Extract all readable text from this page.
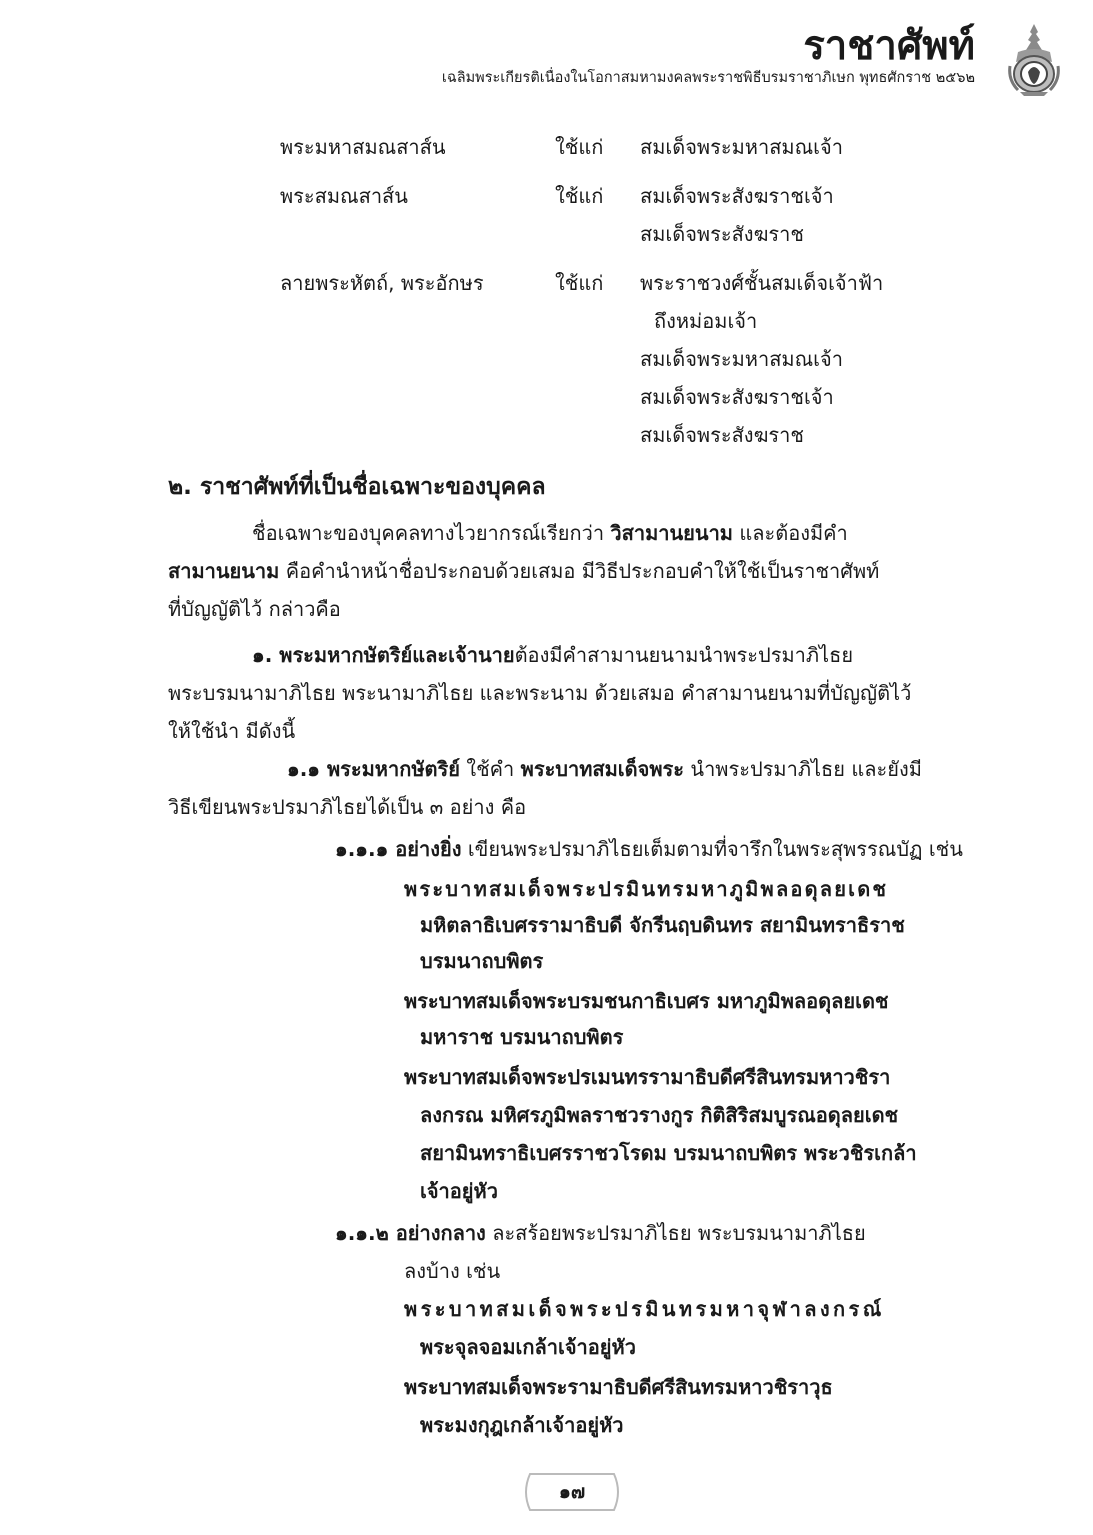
ราชาศัพท์
เฉลิมพระเกียรติเนื่องในโอกาสมหามงคลพระราชพิธีบรมราชาภิเษก พุทธศักราช ๒๕๖๒
พระมหาสมณสาส์น	ใช้แก่ สมเด็จพระมหาสมณเจ้า
พระสมณสาส์น	ใช้แก่ สมเด็จพระสังฆราชเจ้า
สมเด็จพระสังฆราช
ลายพระหัตถ์, พระอักษร	ใช้แก่ พระราชวงศ์ชั้นสมเด็จเจ้าฟ้า
ถึงหม่อมเจ้า
สมเด็จพระมหาสมณเจ้า
สมเด็จพระสังฆราชเจ้า
สมเด็จพระสังฆราช
๒. ราชาศัพท์ที่เป็นชื่อเฉพาะของบุคคล
ชื่อเฉพาะของบุคคลทางไวยากรณ์เรียกว่า วิสามานยนาม และต้องมีคำ
สามานยนาม คือคำนำหน้าชื่อประกอบด้วยเสมอ มีวิธีประกอบคำให้ใช้เป็นราชาศัพท์
ที่บัญญัติไว้ กล่าวคือ
๑. พระมหากษัตริย์และเจ้านายต้องมีคำสามานยนามนำพระปรมาภิไธย
พระบรมนามาภิไธย พระนามาภิไธย และพระนาม ด้วยเสมอ คำสามานยนามที่บัญญัติไว้
ให้ใช้นำ มีดังนี้
๑.๑ พระมหากษัตริย์ ใช้คำ พระบาทสมเด็จพระ นำพระปรมาภิไธย และยังมี
วิธีเขียนพระปรมาภิไธยได้เป็น ๓ อย่าง คือ
๑.๑.๑ อย่างยิ่ง เขียนพระปรมาภิไธยเต็มตามที่จารึกในพระสุพรรณบัฏ เช่น
พระบาทสมเด็จพระปรมินทรมหาภูมิพลอดุลยเดช
มหิตลาธิเบศรรามาธิบดี จักรีนฤบดินทร สยามินทราธิราช
บรมนาถบพิตร
พระบาทสมเด็จพระบรมชนกาธิเบศร มหาภูมิพลอดุลยเดช
มหาราช บรมนาถบพิตร
พระบาทสมเด็จพระปรเมนทรรามาธิบดีศรีสินทรมหาวชิรา
ลงกรณ มหิศรภูมิพลราชวรางกูร กิติสิริสมบูรณอดุลยเดช
สยามินทราธิเบศรราชวโรดม บรมนาถบพิตร พระวชิรเกล้า
เจ้าอยู่หัว
๑.๑.๒ อย่างกลาง ละสร้อยพระปรมาภิไธย พระบรมนามาภิไธย
ลงบ้าง เช่น
พระบาทสมเด็จพระปรมินทรมหาจุฬาลงกรณ์
พระจุลจอมเกล้าเจ้าอยู่หัว
พระบาทสมเด็จพระรามาธิบดีศรีสินทรมหาวชิราวุธ
พระมงกุฎเกล้าเจ้าอยู่หัว
๑๗
